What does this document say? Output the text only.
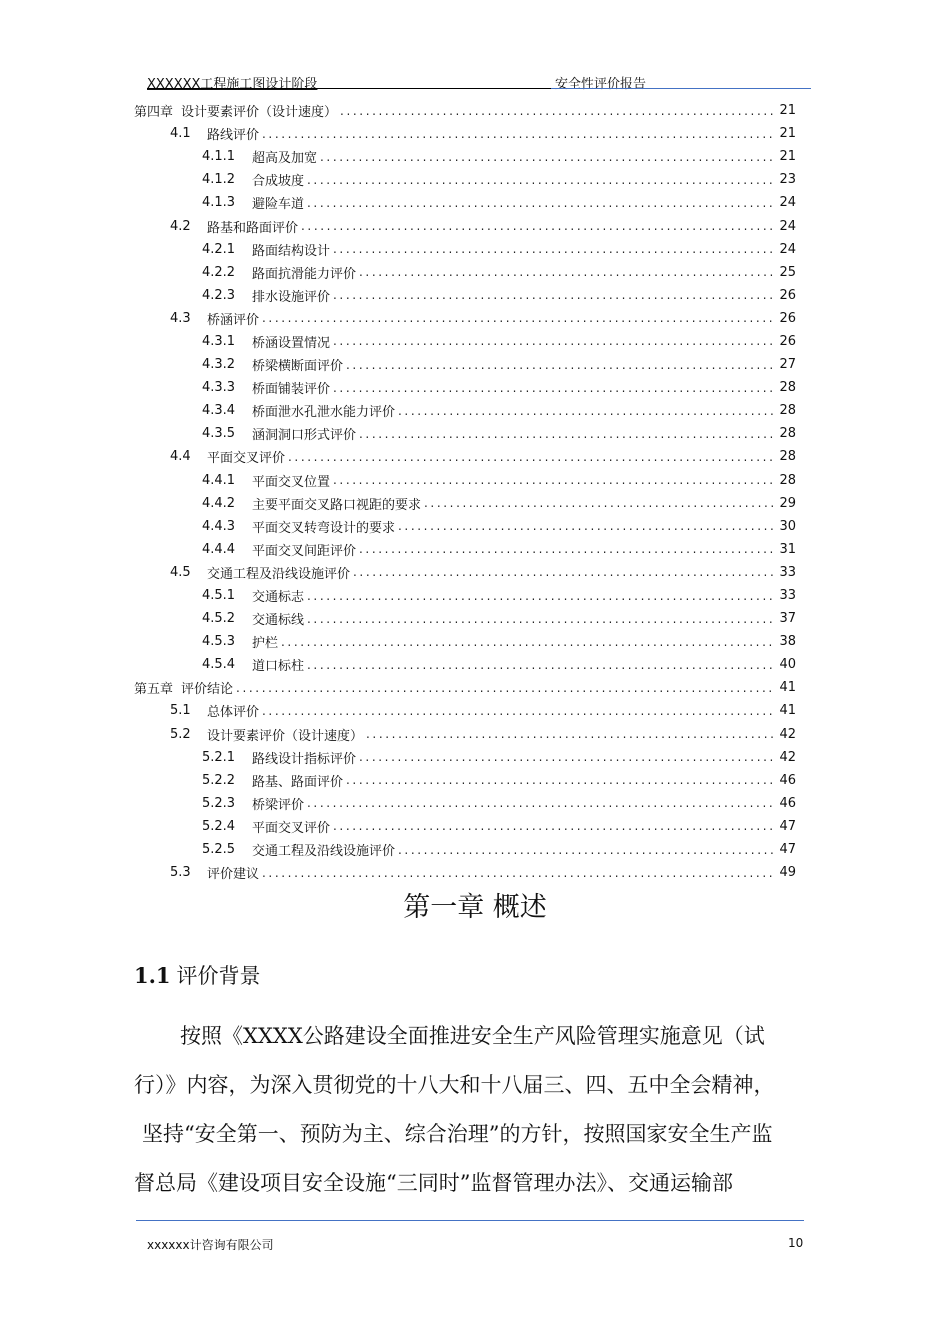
XXXXXX工程施工图设计阶段	安全性评价报告
第四章 设计要素评价（设计速度） .....	21
4.1	路线评价 .....	21
4.1.1	超高及加宽 .....	21
4.1.2	合成坡度 .....	23
4.1.3	避险车道 .....	24
4.2	路基和路面评价 .....	24
4.2.1	路面结构设计 .....	24
4.2.2	路面抗滑能力评价 .....	25
4.2.3	排水设施评价 .....	26
4.3	桥涵评价 .....	26
4.3.1	桥涵设置情况 .....	26
4.3.2	桥梁横断面评价 .....	27
4.3.3	桥面铺装评价 .....	28
4.3.4	桥面泄水孔泄水能力评价 .....	28
4.3.5	涵洞洞口形式评价 .....	28
4.4	平面交叉评价 .....	28
4.4.1	平面交叉位置 .....	28
4.4.2	主要平面交叉路口视距的要求 .....	29
4.4.3	平面交叉转弯设计的要求 .....	30
4.4.4	平面交叉间距评价 .....	31
4.5	交通工程及沿线设施评价 .....	33
4.5.1	交通标志 .....	33
4.5.2	交通标线 .....	37
4.5.3	护栏 .....	38
4.5.4	道口标柱 .....	40
第五章 评价结论 .....	41
5.1	总体评价 .....	41
5.2	设计要素评价（设计速度） .....	42
5.2.1	路线设计指标评价 .....	42
5.2.2	路基、路面评价 .....	46
5.2.3	桥梁评价 .....	46
5.2.4	平面交叉评价 .....	47
5.2.5	交通工程及沿线设施评价 .....	47
5.3	评价建议 .....	49
第一章 概述
1.1 评价背景
按照《XXXX公路建设全面推进安全生产风险管理实施意见（试
行）》内容，为深入贯彻党的十八大和十八届三、四、五中全会精神，
坚持“安全第一、预防为主、综合治理”的方针，按照国家安全生产监
督总局《建设项目安全设施“三同时”监督管理办法》、交通运输部
xxxxxx计咨询有限公司	10
